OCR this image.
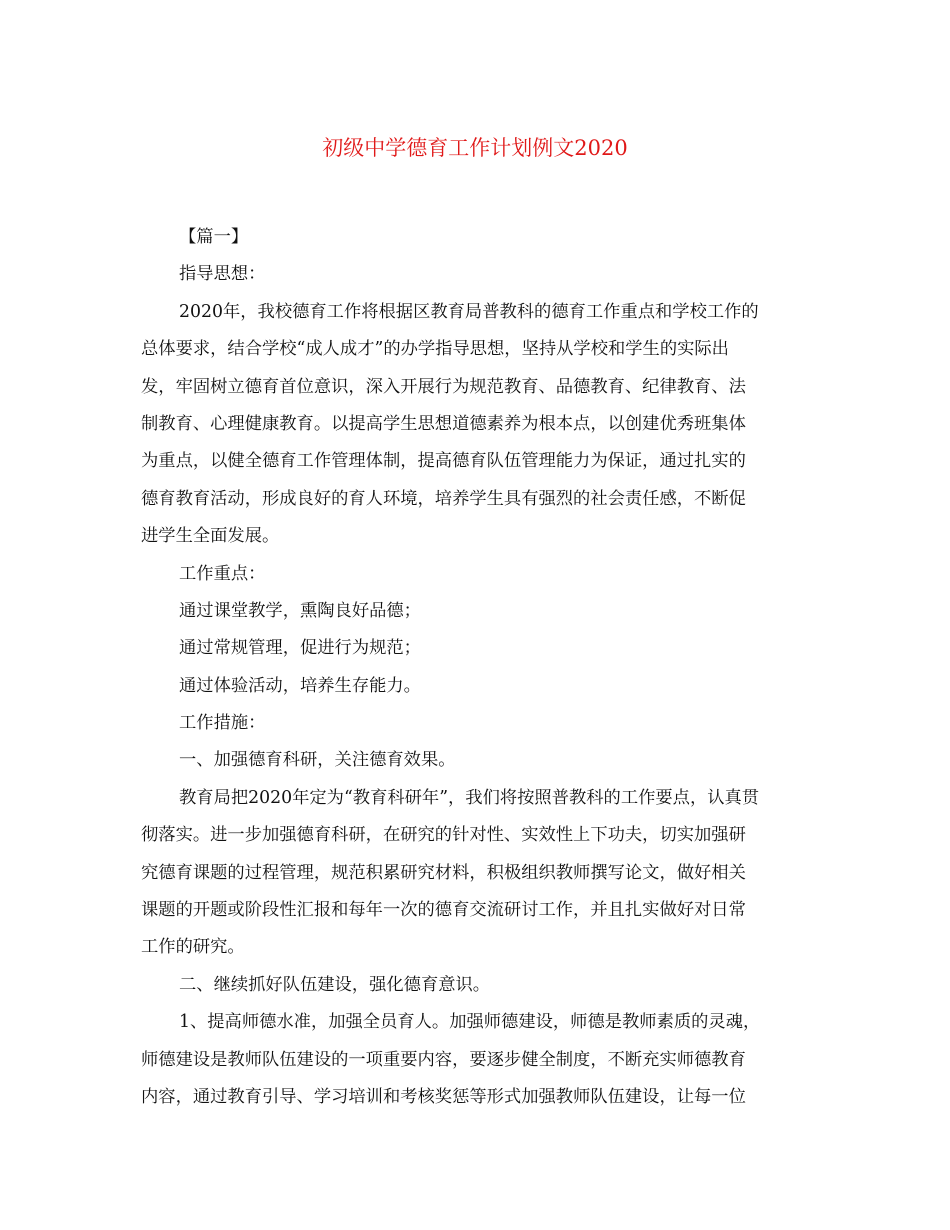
初级中学德育工作计划例文2020
【篇一】
指导思想：
2020年，我校德育工作将根据区教育局普教科的德育工作重点和学校工作的
总体要求，结合学校“成人成才”的办学指导思想，坚持从学校和学生的实际出
发，牢固树立德育首位意识，深入开展行为规范教育、品德教育、纪律教育、法
制教育、心理健康教育。以提高学生思想道德素养为根本点，以创建优秀班集体
为重点，以健全德育工作管理体制，提高德育队伍管理能力为保证，通过扎实的
德育教育活动，形成良好的育人环境，培养学生具有强烈的社会责任感，不断促
进学生全面发展。
工作重点：
通过课堂教学，熏陶良好品德；
通过常规管理，促进行为规范；
通过体验活动，培养生存能力。
工作措施：
一、加强德育科研，关注德育效果。
教育局把2020年定为“教育科研年”，我们将按照普教科的工作要点，认真贯
彻落实。进一步加强德育科研，在研究的针对性、实效性上下功夫，切实加强研
究德育课题的过程管理，规范积累研究材料，积极组织教师撰写论文，做好相关
课题的开题或阶段性汇报和每年一次的德育交流研讨工作，并且扎实做好对日常
工作的研究。
二、继续抓好队伍建设，强化德育意识。
1、提高师德水准，加强全员育人。加强师德建设，师德是教师素质的灵魂，
师德建设是教师队伍建设的一项重要内容，要逐步健全制度，不断充实师德教育
内容，通过教育引导、学习培训和考核奖惩等形式加强教师队伍建设，让每一位
